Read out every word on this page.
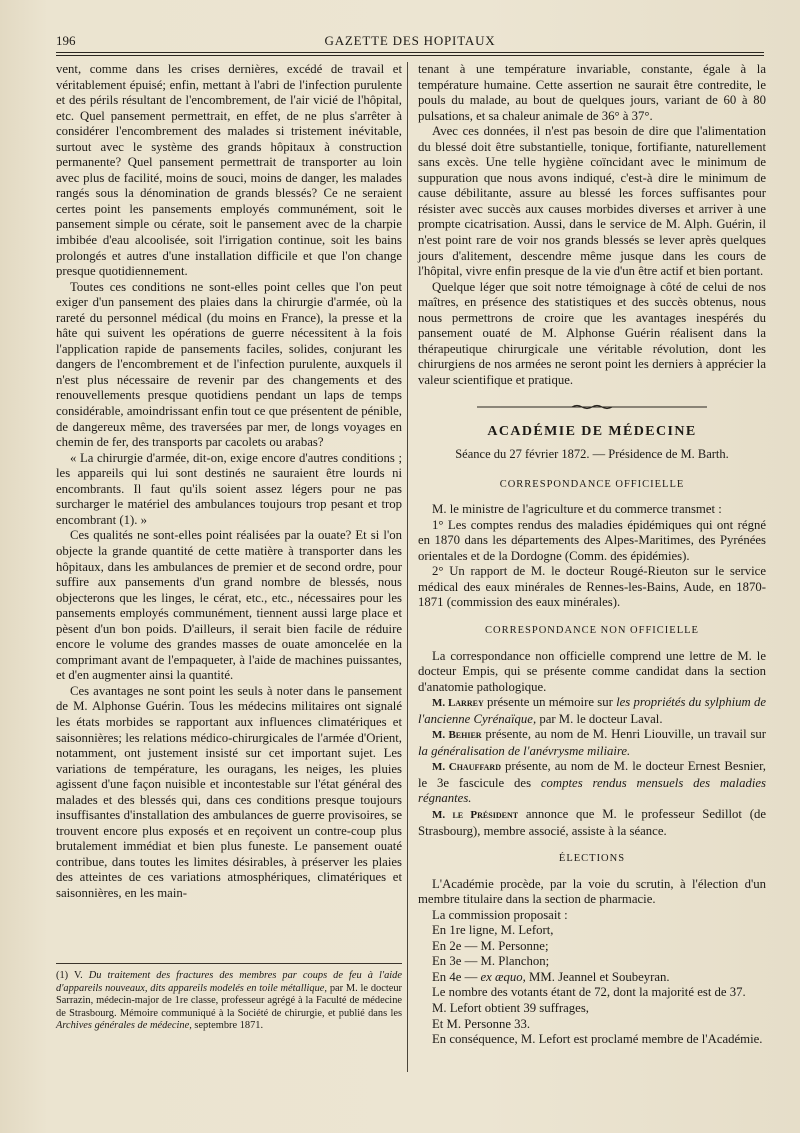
196	GAZETTE DES HOPITAUX

vent, comme dans les crises dernières, excédé de travail et véritablement épuisé; enfin, mettant à l'abri de l'infection purulente et des périls résultant de l'encombrement, de l'air vicié de l'hôpital, etc. Quel pansement permettrait, en effet, de ne plus s'arrêter à considérer l'encombrement des malades si tristement inévitable, surtout avec le système des grands hôpitaux à construction permanente? Quel pansement permettrait de transporter au loin avec plus de facilité, moins de souci, moins de danger, les malades rangés sous la dénomination de grands blessés? Ce ne seraient certes point les pansements employés communément, soit le pansement simple ou cérate, soit le pansement avec de la charpie imbibée d'eau alcoolisée, soit l'irrigation continue, soit les bains prolongés et autres d'une installation difficile et que l'on change presque quotidiennement.

Toutes ces conditions ne sont-elles point celles que l'on peut exiger d'un pansement des plaies dans la chirurgie d'armée, où la rareté du personnel médical (du moins en France), la presse et la hâte qui suivent les opérations de guerre nécessitent à la fois l'application rapide de pansements faciles, solides, conjurant les dangers de l'encombrement et de l'infection purulente, auxquels il n'est plus nécessaire de revenir par des changements et des renouvellements presque quotidiens pendant un laps de temps considérable, amoindrissant enfin tout ce que présentent de pénible, de dangereux même, des traversées par mer, de longs voyages en chemin de fer, des transports par cacolets ou arabas?

« La chirurgie d'armée, dit-on, exige encore d'autres conditions ; les appareils qui lui sont destinés ne sauraient être lourds ni encombrants. Il faut qu'ils soient assez légers pour ne pas surcharger le matériel des ambulances toujours trop pesant et trop encombrant (1). »

Ces qualités ne sont-elles point réalisées par la ouate? Et si l'on objecte la grande quantité de cette matière à transporter dans les hôpitaux, dans les ambulances de premier et de second ordre, pour suffire aux pansements d'un grand nombre de blessés, nous objecterons que les linges, le cérat, etc., etc., nécessaires pour les pansements employés communément, tiennent aussi large place et pèsent d'un bon poids. D'ailleurs, il serait bien facile de réduire encore le volume des grandes masses de ouate amoncelée en la comprimant avant de l'empaqueter, à l'aide de machines puissantes, et d'en augmenter ainsi la quantité.

Ces avantages ne sont point les seuls à noter dans le pansement de M. Alphonse Guérin. Tous les médecins militaires ont signalé les états morbides se rapportant aux influences climatériques et saisonnières; les relations médico-chirurgicales de l'armée d'Orient, notamment, ont justement insisté sur cet important sujet. Les variations de température, les ouragans, les neiges, les pluies agissent d'une façon nuisible et incontestable sur l'état général des malades et des blessés qui, dans ces conditions presque toujours insuffisantes d'installation des ambulances de guerre provisoires, se trouvent encore plus exposés et en reçoivent un contre-coup plus brutalement immédiat et bien plus funeste. Le pansement ouaté contribue, dans toutes les limites désirables, à préserver les plaies des atteintes de ces variations atmosphériques, climatériques et saisonnières, en les main-

(1) V. Du traitement des fractures des membres par coups de feu à l'aide d'appareils nouveaux, dits appareils modelés en toile métallique, par M. le docteur Sarrazin, médecin-major de 1re classe, professeur agrégé à la Faculté de médecine de Strasbourg. Mémoire communiqué à la Société de chirurgie, et publié dans les Archives générales de médecine, septembre 1871.

tenant à une température invariable, constante, égale à la température humaine. Cette assertion ne saurait être contredite, le pouls du malade, au bout de quelques jours, variant de 60 à 80 pulsations, et sa chaleur animale de 36° à 37°.

Avec ces données, il n'est pas besoin de dire que l'alimentation du blessé doit être substantielle, tonique, fortifiante, naturellement sans excès. Une telle hygiène coïncidant avec le minimum de suppuration que nous avons indiqué, c'est-à dire le minimum de cause débilitante, assure au blessé les forces suffisantes pour résister avec succès aux causes morbides diverses et arriver à une prompte cicatrisation. Aussi, dans le service de M. Alph. Guérin, il n'est point rare de voir nos grands blessés se lever après quelques jours d'alitement, descendre même jusque dans les cours de l'hôpital, vivre enfin presque de la vie d'un être actif et bien portant.

Quelque léger que soit notre témoignage à côté de celui de nos maîtres, en présence des statistiques et des succès obtenus, nous nous permettrons de croire que les avantages inespérés du pansement ouaté de M. Alphonse Guérin réalisent dans la thérapeutique chirurgicale une véritable révolution, dont les chirurgiens de nos armées ne seront point les derniers à apprécier la valeur scientifique et pratique.

ACADÉMIE DE MÉDECINE
Séance du 27 février 1872. — Présidence de M. Barth.
CORRESPONDANCE OFFICIELLE

M. le ministre de l'agriculture et du commerce transmet :

1° Les comptes rendus des maladies épidémiques qui ont régné en 1870 dans les départements des Alpes-Maritimes, des Pyrénées orientales et de la Dordogne (Comm. des épidémies).

2° Un rapport de M. le docteur Rougé-Rieuton sur le service médical des eaux minérales de Rennes-les-Bains, Aude, en 1870-1871 (commission des eaux minérales).

CORRESPONDANCE NON OFFICIELLE

La correspondance non officielle comprend une lettre de M. le docteur Empis, qui se présente comme candidat dans la section d'anatomie pathologique.

M. Larrey présente un mémoire sur les propriétés du sylphium de l'ancienne Cyrénaïque, par M. le docteur Laval.

M. Behier présente, au nom de M. Henri Liouville, un travail sur la généralisation de l'anévrysme miliaire.

M. Chauffard présente, au nom de M. le docteur Ernest Besnier, le 3e fascicule des comptes rendus mensuels des maladies régnantes.

M. le Président annonce que M. le professeur Sedillot (de Strasbourg), membre associé, assiste à la séance.

ÉLECTIONS

L'Académie procède, par la voie du scrutin, à l'élection d'un membre titulaire dans la section de pharmacie.

La commission proposait :

En 1re ligne, M. Lefort,

En 2e — M. Personne;

En 3e — M. Planchon;

En 4e — ex æquo, MM. Jeannel et Soubeyran.

Le nombre des votants étant de 72, dont la majorité est de 37.

M. Lefort obtient 39 suffrages,

Et M. Personne 33.

En conséquence, M. Lefort est proclamé membre de l'Académie.
